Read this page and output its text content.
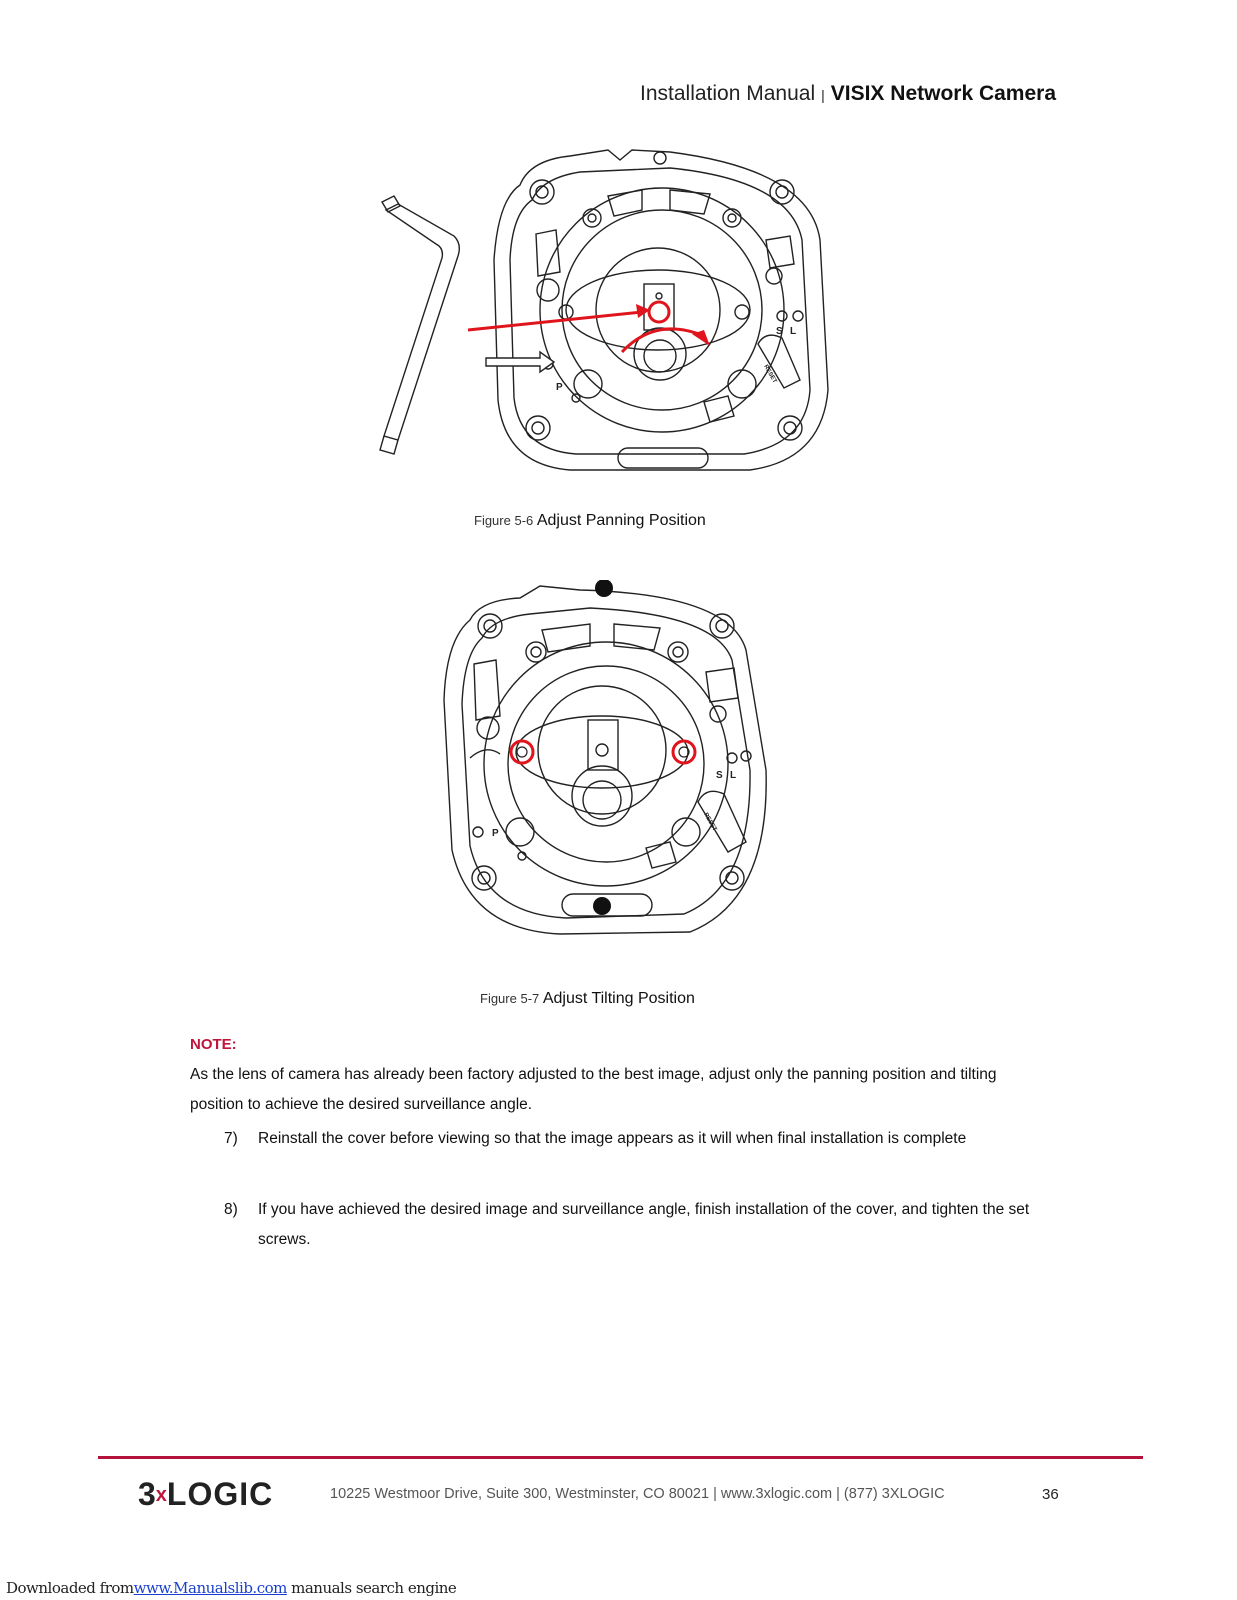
Installation Manual | VISIX Network Camera
P
S L
RESET
Figure 5-6 Adjust Panning Position
P
S L
RESET
Figure 5-7 Adjust Tilting Position
NOTE:
As the lens of camera has already been factory adjusted to the best image, adjust only the panning position and tilting position to achieve the desired surveillance angle.
7) Reinstall the cover before viewing so that the image appears as it will when final installation is complete
8) If you have achieved the desired image and surveillance angle, finish installation of the cover, and tighten the set screws.
3xLOGIC	10225 Westmoor Drive, Suite 300, Westminster, CO 80021 | www.3xlogic.com | (877) 3XLOGIC	36
Downloaded fromwww.Manualslib.com manuals search engine
